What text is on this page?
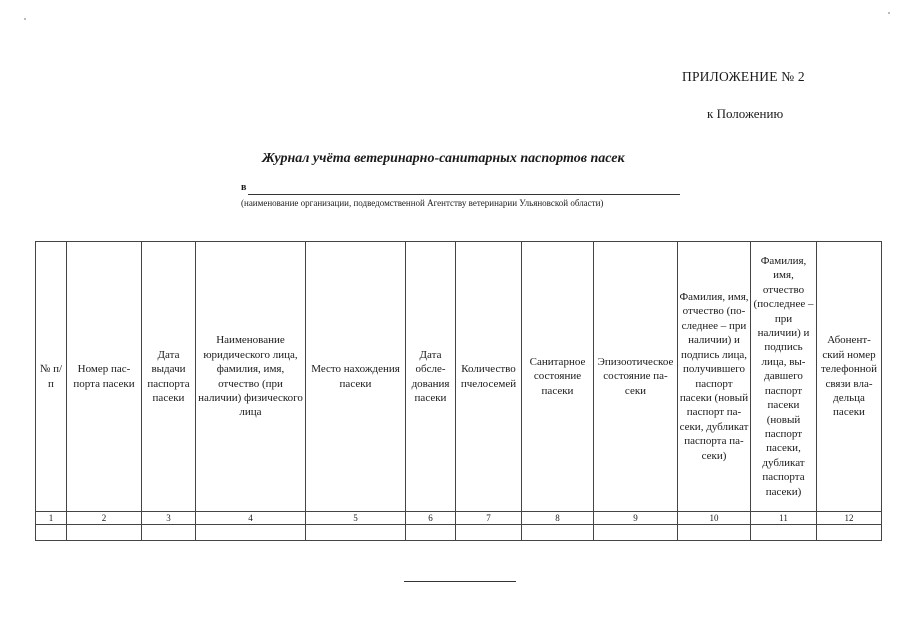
ПРИЛОЖЕНИЕ № 2
к Положению
Журнал учёта ветеринарно-санитарных паспортов пасек
в
(наименование организации, подведомственной Агентству ветеринарии Ульяновской области)
№ п/п	Номер паспорта пасеки	Дата выдачи паспорта пасеки	Наименование юридического лица, фамилия, имя, отчество (при наличии) физического лица	Место нахождения пасеки	Дата обследования пасеки	Количество пчелосемей	Санитарное состояние пасеки	Эпизоотическое состояние пасеки	Фамилия, имя, отчество (последнее – при наличии) и подпись лица, получившего паспорт пасеки (новый паспорт пасеки, дубликат паспорта пасеки)	Фамилия, имя, отчество (последнее – при наличии) и подпись лица, выдавшего паспорт пасеки (новый паспорт пасеки, дубликат паспорта пасеки)	Абонентский номер телефонной связи владельца пасеки
1	2	3	4	5	6	7	8	9	10	11	12
